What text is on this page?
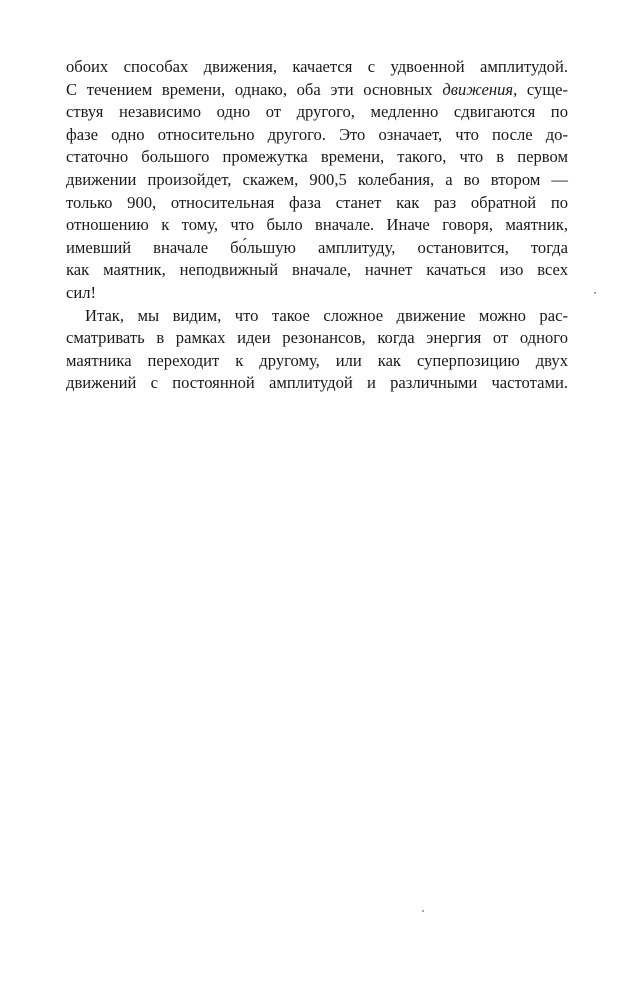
обоих способах движения, качается с удвоенной амплитудой.
С течением времени, однако, оба эти основных движения, суще-
ствуя независимо одно от другого, медленно сдвигаются по
фазе одно относительно другого. Это означает, что после до-
статочно большого промежутка времени, такого, что в первом
движении произойдет, скажем, 900,5 колебания, а во втором —
только 900, относительная фаза станет как раз обратной по
отношению к тому, что было вначале. Иначе говоря, маятник,
имевший вначале бо́льшую амплитуду, остановится, тогда
как маятник, неподвижный вначале, начнет качаться изо всех
сил!
Итак, мы видим, что такое сложное движение можно рас-
сматривать в рамках идеи резонансов, когда энергия от одного
маятника переходит к другому, или как суперпозицию двух
движений с постоянной амплитудой и различными частотами.
